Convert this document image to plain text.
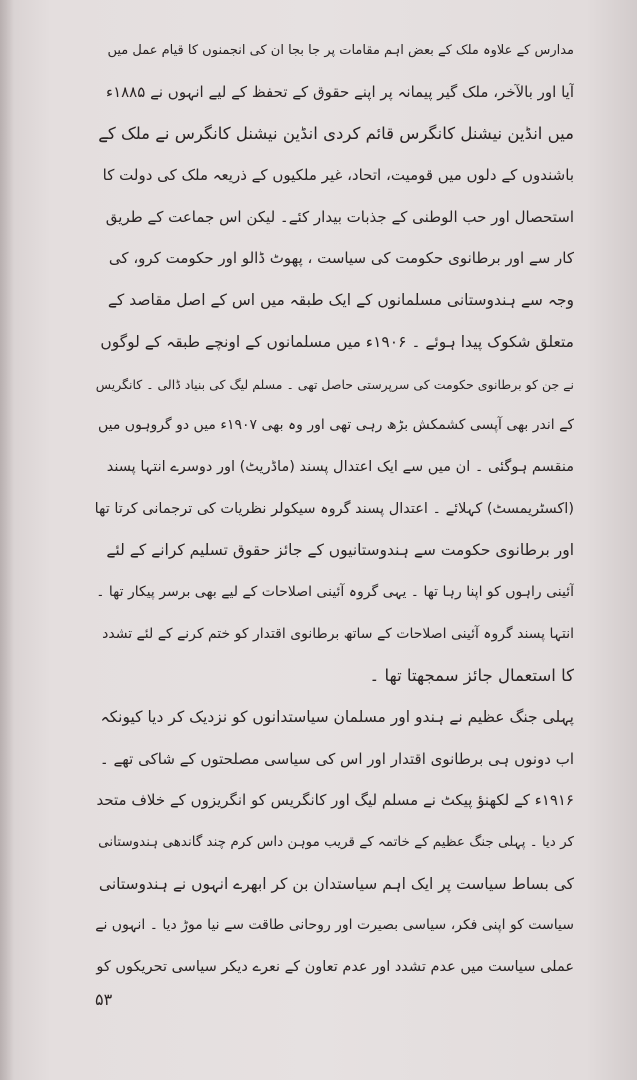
مدارس کے علاوہ ملک کے بعض اہم مقامات پر جا بجا ان کی انجمنوں کا قیام عمل میں
آیا اور بالآخر، ملک گیر پیمانہ پر اپنے حقوق کے تحفظ کے لیے انہوں نے ۱۸۸۵ء
میں انڈین نیشنل کانگرس قائم کردی انڈین نیشنل کانگرس نے ملک کے
باشندوں کے دلوں میں قومیت، اتحاد، غیر ملکیوں کے ذریعہ ملک کی دولت کا
استحصال اور حب الوطنی کے جذبات بیدار کئے۔ لیکن اس جماعت کے طریق
کار سے اور برطانوی حکومت کی سیاست ، پھوٹ ڈالو اور حکومت کرو، کی
وجہ سے ہندوستانی مسلمانوں کے ایک طبقہ میں اس کے اصل مقاصد کے
متعلق شکوک پیدا ہوئے ۔ ۱۹۰۶ء میں مسلمانوں کے اونچے طبقہ کے لوگوں
نے جن کو برطانوی حکومت کی سرپرستی حاصل تھی ۔ مسلم لیگ کی بنیاد ڈالی ۔ کانگریس
کے اندر بھی آپسی کشمکش بڑھ رہی تھی اور وہ بھی ۱۹۰۷ء میں دو گروہوں میں
منقسم ہوگئی ۔ ان میں سے ایک اعتدال پسند (ماڈریٹ) اور دوسرے انتہا پسند
(اکسٹریمسٹ) کہلائے ۔ اعتدال پسند گروہ سیکولر نظریات کی ترجمانی کرتا تھا
اور برطانوی حکومت سے ہندوستانیوں کے جائز حقوق تسلیم کرانے کے لئے
آئینی راہوں کو اپنا رہا تھا ۔ یہی گروہ آئینی اصلاحات کے لیے بھی برسر پیکار تھا ۔
انتہا پسند گروہ آئینی اصلاحات کے ساتھ برطانوی اقتدار کو ختم کرنے کے لئے تشدد
کا استعمال جائز سمجھتا تھا ۔
پہلی جنگ عظیم نے ہندو اور مسلمان سیاستدانوں کو نزدیک کر دیا کیونکہ
اب دونوں ہی برطانوی اقتدار اور اس کی سیاسی مصلحتوں کے شاکی تھے ۔
۱۹۱۶ء کے لکھنؤ پیکٹ نے مسلم لیگ اور کانگریس کو انگریزوں کے خلاف متحد
کر دیا ۔ پہلی جنگ عظیم کے خاتمہ کے قریب موہن داس کرم چند گاندھی ہندوستانی
کی بساط سیاست پر ایک اہم سیاستدان بن کر ابھرے انہوں نے ہندوستانی
سیاست کو اپنی فکر، سیاسی بصیرت اور روحانی طاقت سے نیا موڑ دیا ۔ انہوں نے
عملی سیاست میں عدم تشدد اور عدم تعاون کے نعرے دیکر سیاسی تحریکوں کو
۵۳
